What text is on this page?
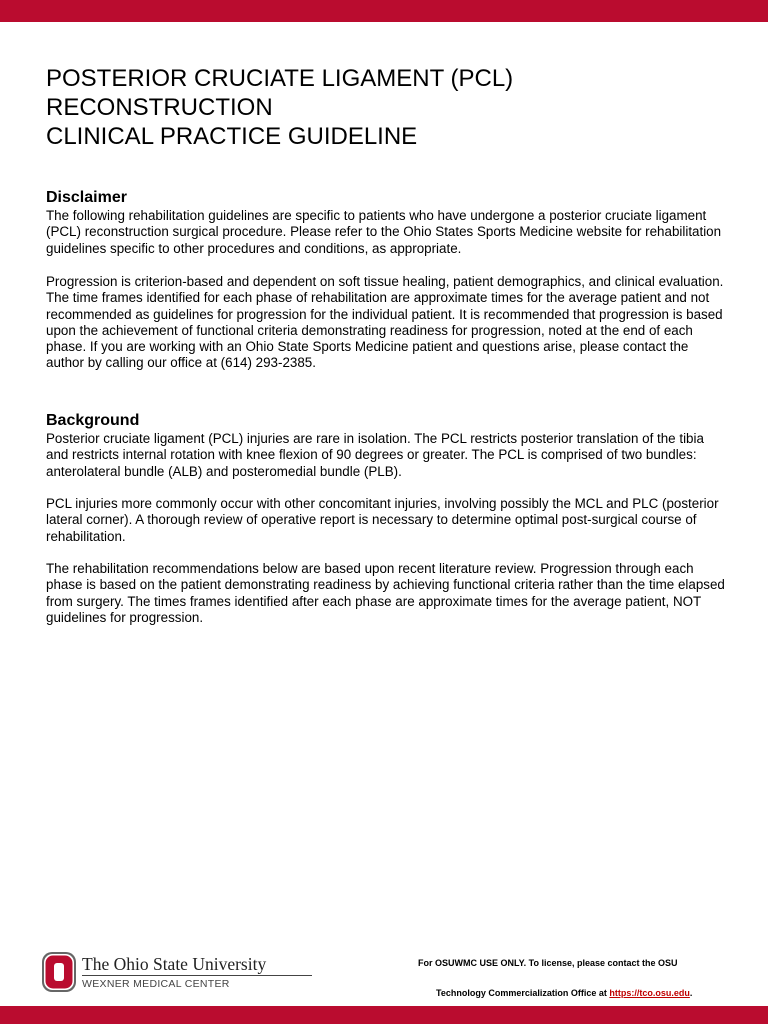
POSTERIOR CRUCIATE LIGAMENT (PCL)
RECONSTRUCTION
CLINICAL PRACTICE GUIDELINE
Disclaimer

The following rehabilitation guidelines are specific to patients who have undergone a posterior cruciate ligament (PCL) reconstruction surgical procedure. Please refer to the Ohio States Sports Medicine website for rehabilitation guidelines specific to other procedures and conditions, as appropriate.

Progression is criterion-based and dependent on soft tissue healing, patient demographics, and clinical evaluation. The time frames identified for each phase of rehabilitation are approximate times for the average patient and not recommended as guidelines for progression for the individual patient. It is recommended that progression is based upon the achievement of functional criteria demonstrating readiness for progression, noted at the end of each phase. If you are working with an Ohio State Sports Medicine patient and questions arise, please contact the author by calling our office at (614) 293-2385.

Background

Posterior cruciate ligament (PCL) injuries are rare in isolation. The PCL restricts posterior translation of the tibia and restricts internal rotation with knee flexion of 90 degrees or greater. The PCL is comprised of two bundles: anterolateral bundle (ALB) and posteromedial bundle (PLB).

PCL injuries more commonly occur with other concomitant injuries, involving possibly the MCL and PLC (posterior lateral corner). A thorough review of operative report is necessary to determine optimal post-surgical course of rehabilitation.

The rehabilitation recommendations below are based upon recent literature review. Progression through each phase is based on the patient demonstrating readiness by achieving functional criteria rather than the time elapsed from surgery. The times frames identified after each phase are approximate times for the average patient, NOT guidelines for progression.

The Ohio State University
WEXNER MEDICAL CENTER
For OSUWMC USE ONLY. To license, please contact the OSU
Technology Commercialization Office at https://tco.osu.edu.
